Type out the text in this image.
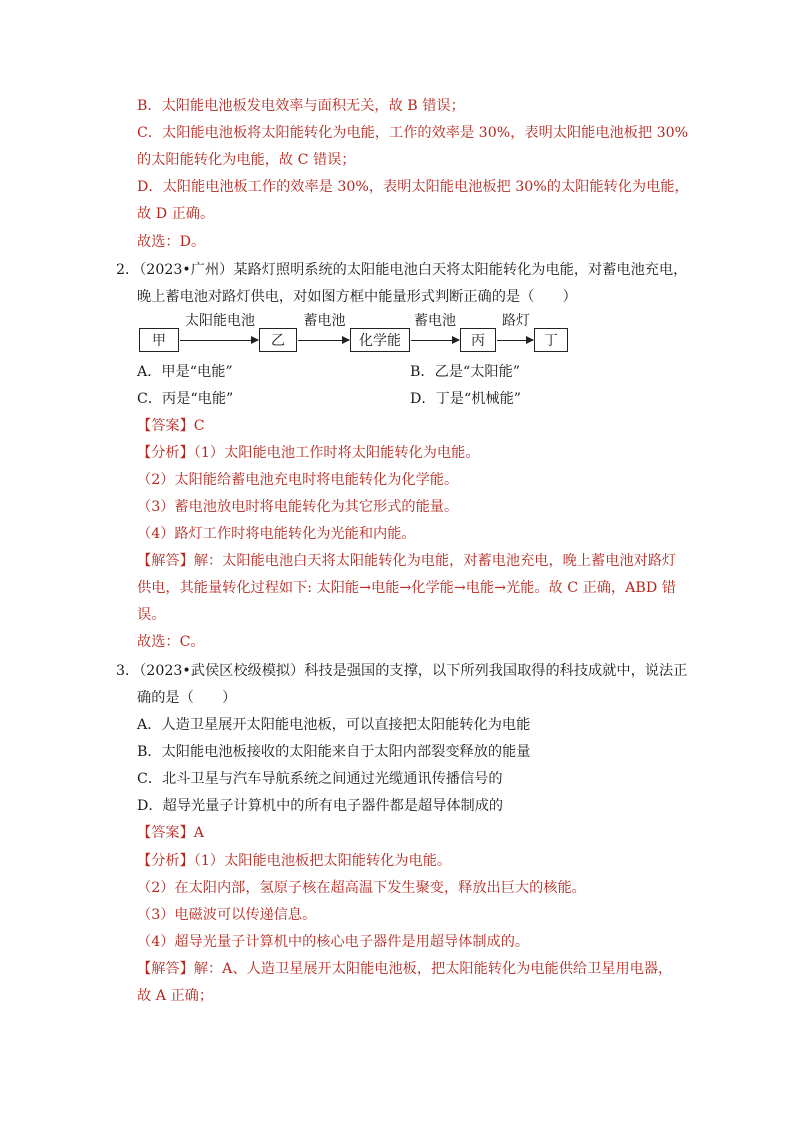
B．太阳能电池板发电效率与面积无关，故 B 错误；
C．太阳能电池板将太阳能转化为电能，工作的效率是 30%，表明太阳能电池板把 30%
的太阳能转化为电能，故 C 错误；
D．太阳能电池板工作的效率是 30%，表明太阳能电池板把 30%的太阳能转化为电能，
故 D 正确。
故选：D。
2．（2023•广州）某路灯照明系统的太阳能电池白天将太阳能转化为电能，对蓄电池充电，
晚上蓄电池对路灯供电，对如图方框中能量形式判断正确的是（　　）
甲
太阳能电池
乙
蓄电池
化学能
蓄电池
丙
路灯
丁
A．甲是“电能”	B．乙是“太阳能”
C．丙是“电能”	D．丁是“机械能”
【答案】C
【分析】（1）太阳能电池工作时将太阳能转化为电能。
（2）太阳能给蓄电池充电时将电能转化为化学能。
（3）蓄电池放电时将电能转化为其它形式的能量。
（4）路灯工作时将电能转化为光能和内能。
【解答】解：太阳能电池白天将太阳能转化为电能，对蓄电池充电，晚上蓄电池对路灯
供电，其能量转化过程如下: 太阳能→电能→化学能→电能→光能。故 C 正确，ABD 错
误。
故选：C。
3．（2023•武侯区校级模拟）科技是强国的支撑，以下所列我国取得的科技成就中，说法正
确的是（　　）
A．人造卫星展开太阳能电池板，可以直接把太阳能转化为电能
B．太阳能电池板接收的太阳能来自于太阳内部裂变释放的能量
C．北斗卫星与汽车导航系统之间通过光缆通讯传播信号的
D．超导光量子计算机中的所有电子器件都是超导体制成的
【答案】A
【分析】（1）太阳能电池板把太阳能转化为电能。
（2）在太阳内部，氢原子核在超高温下发生聚变，释放出巨大的核能。
（3）电磁波可以传递信息。
（4）超导光量子计算机中的核心电子器件是用超导体制成的。
【解答】解：A、人造卫星展开太阳能电池板，把太阳能转化为电能供给卫星用电器，
故 A 正确；
